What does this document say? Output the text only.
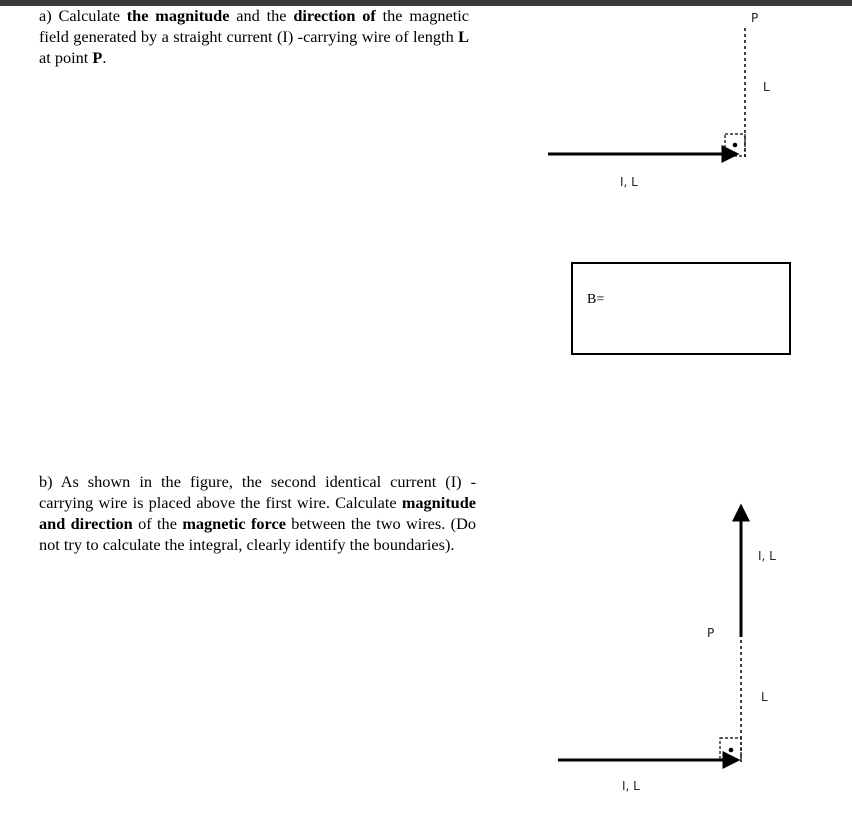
a) Calculate the magnitude and the direction of the magnetic field generated by a straight current (I) -carrying wire of length L at point P.
P
L
I, L
B=
b) As shown in the figure, the second identical current (I) - carrying wire is placed above the first wire. Calculate magnitude and direction of the magnetic force between the two wires. (Do not try to calculate the integral, clearly identify the boundaries).
I, L
P
L
I, L
